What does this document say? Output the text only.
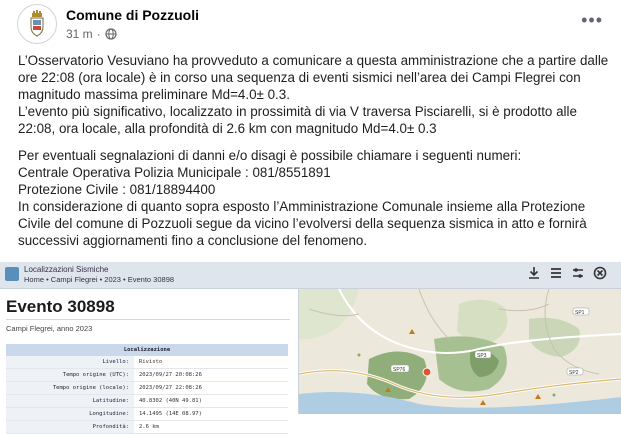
Comune di Pozzuoli
31 m ·
•••

L’Osservatorio Vesuviano ha provveduto a comunicare a questa amministrazione che a partire dalle ore 22:08 (ora locale) è in corso una sequenza di eventi sismici nell’area dei Campi Flegrei con magnitudo massima preliminare Md=4.0± 0.3.

L’evento più significativo, localizzato in prossimità di via V traversa Pisciarelli, si è prodotto alle 22:08, ora locale, alla profondità di 2.6 km con magnitudo Md=4.0± 0.3

Per eventuali segnalazioni di danni e/o disagi è possibile chiamare i seguenti numeri:

Centrale Operativa Polizia Municipale : 081/8551891

Protezione Civile : 081/18894400

In considerazione di quanto sopra esposto l’Amministrazione Comunale insieme alla Protezione Civile del comune di Pozzuoli segue da vicino l’evolversi della sequenza sismica in atto e fornirà successivi aggiornamenti fino a conclusione del fenomeno.

Localizzazioni Sismiche
Home • Campi Flegrei • 2023 • Evento 30898
Evento 30898
Campi Flegrei, anno 2023
Localizzazione	
Livello:	Rivisto
Tempo origine (UTC):	2023/09/27 20:08:26
Tempo origine (locale):	2023/09/27 22:08:26
Latitudine:	40.8302 (40N 49.81)
Longitudine:	14.1495 (14E 08.97)
Profondità:	2.6 km
SP1
SP3
SP76	SP2
